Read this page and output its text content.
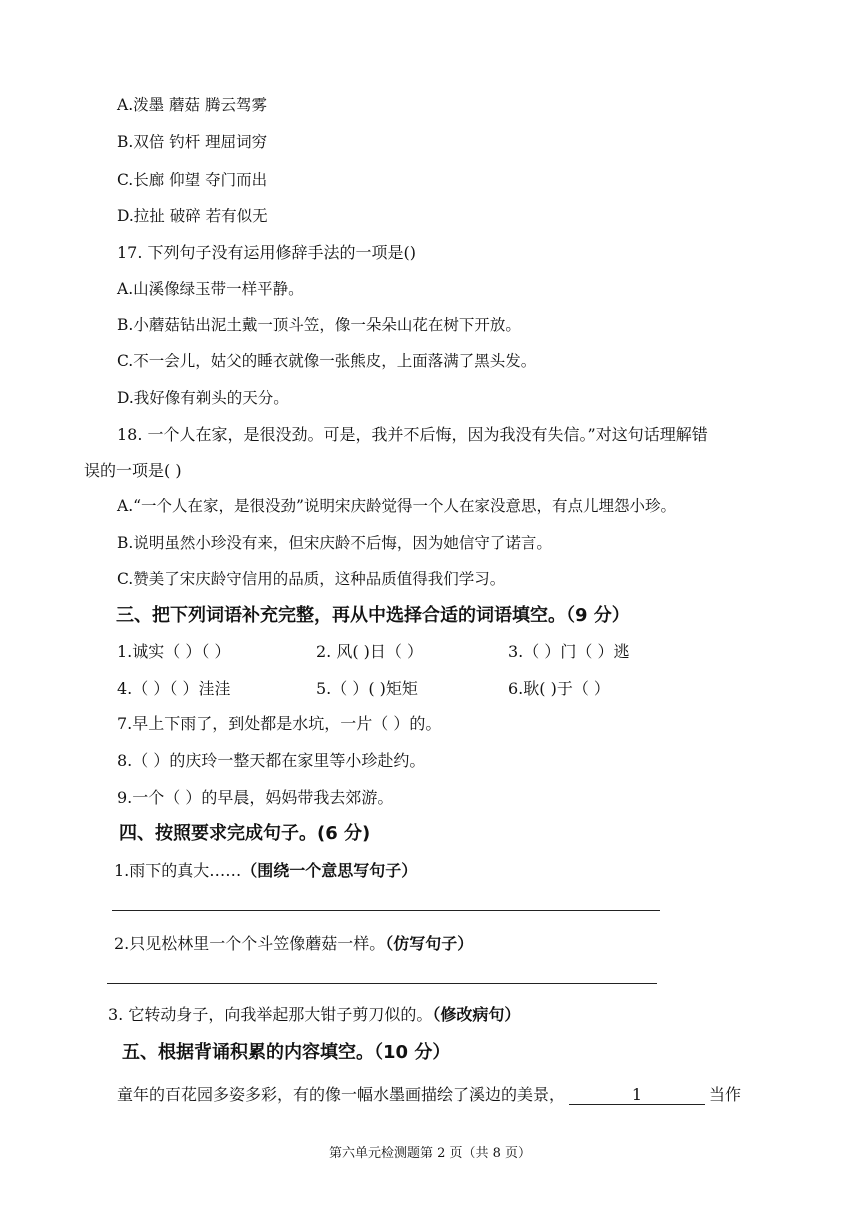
A.泼墨 蘑菇 腾云驾雾
B.双倍 钓杆 理屈词穷
C.长廊 仰望 夺门而出
D.拉扯 破碎 若有似无
17. 下列句子没有运用修辞手法的一项是()
A.山溪像绿玉带一样平静。
B.小蘑菇钻出泥土戴一顶斗笠，像一朵朵山花在树下开放。
C.不一会儿，姑父的睡衣就像一张熊皮，上面落满了黑头发。
D.我好像有剃头的天分。
18. 一个人在家，是很没劲。可是，我并不后悔，因为我没有失信。”对这句话理解错
误的一项是( )
A.“一个人在家，是很没劲”说明宋庆龄觉得一个人在家没意思，有点儿埋怨小珍。
B.说明虽然小珍没有来，但宋庆龄不后悔，因为她信守了诺言。
C.赞美了宋庆龄守信用的品质，这种品质值得我们学习。
三、把下列词语补充完整，再从中选择合适的词语填空。（9 分）
1.诚实（ ）（ ）	2. 风( )日（ ）	3.（ ）门（ ）逃
4.（ ）（ ）洼洼	5.（ ）( )矩矩	6.耿( )于（ ）
7.早上下雨了，到处都是水坑，一片（ ）的。
8.（ ）的庆玲一整天都在家里等小珍赴约。
9.一个（ ）的早晨，妈妈带我去郊游。
四、按照要求完成句子。(6 分)
1.雨下的真大……（围绕一个意思写句子）
2.只见松林里一个个斗笠像蘑菇一样。（仿写句子）
3. 它转动身子，向我举起那大钳子剪刀似的。（修改病句）
五、根据背诵积累的内容填空。（10 分）
童年的百花园多姿多彩，有的像一幅水墨画描绘了溪边的美景，	1	当作
第六单元检测题第 2 页（共 8 页）
